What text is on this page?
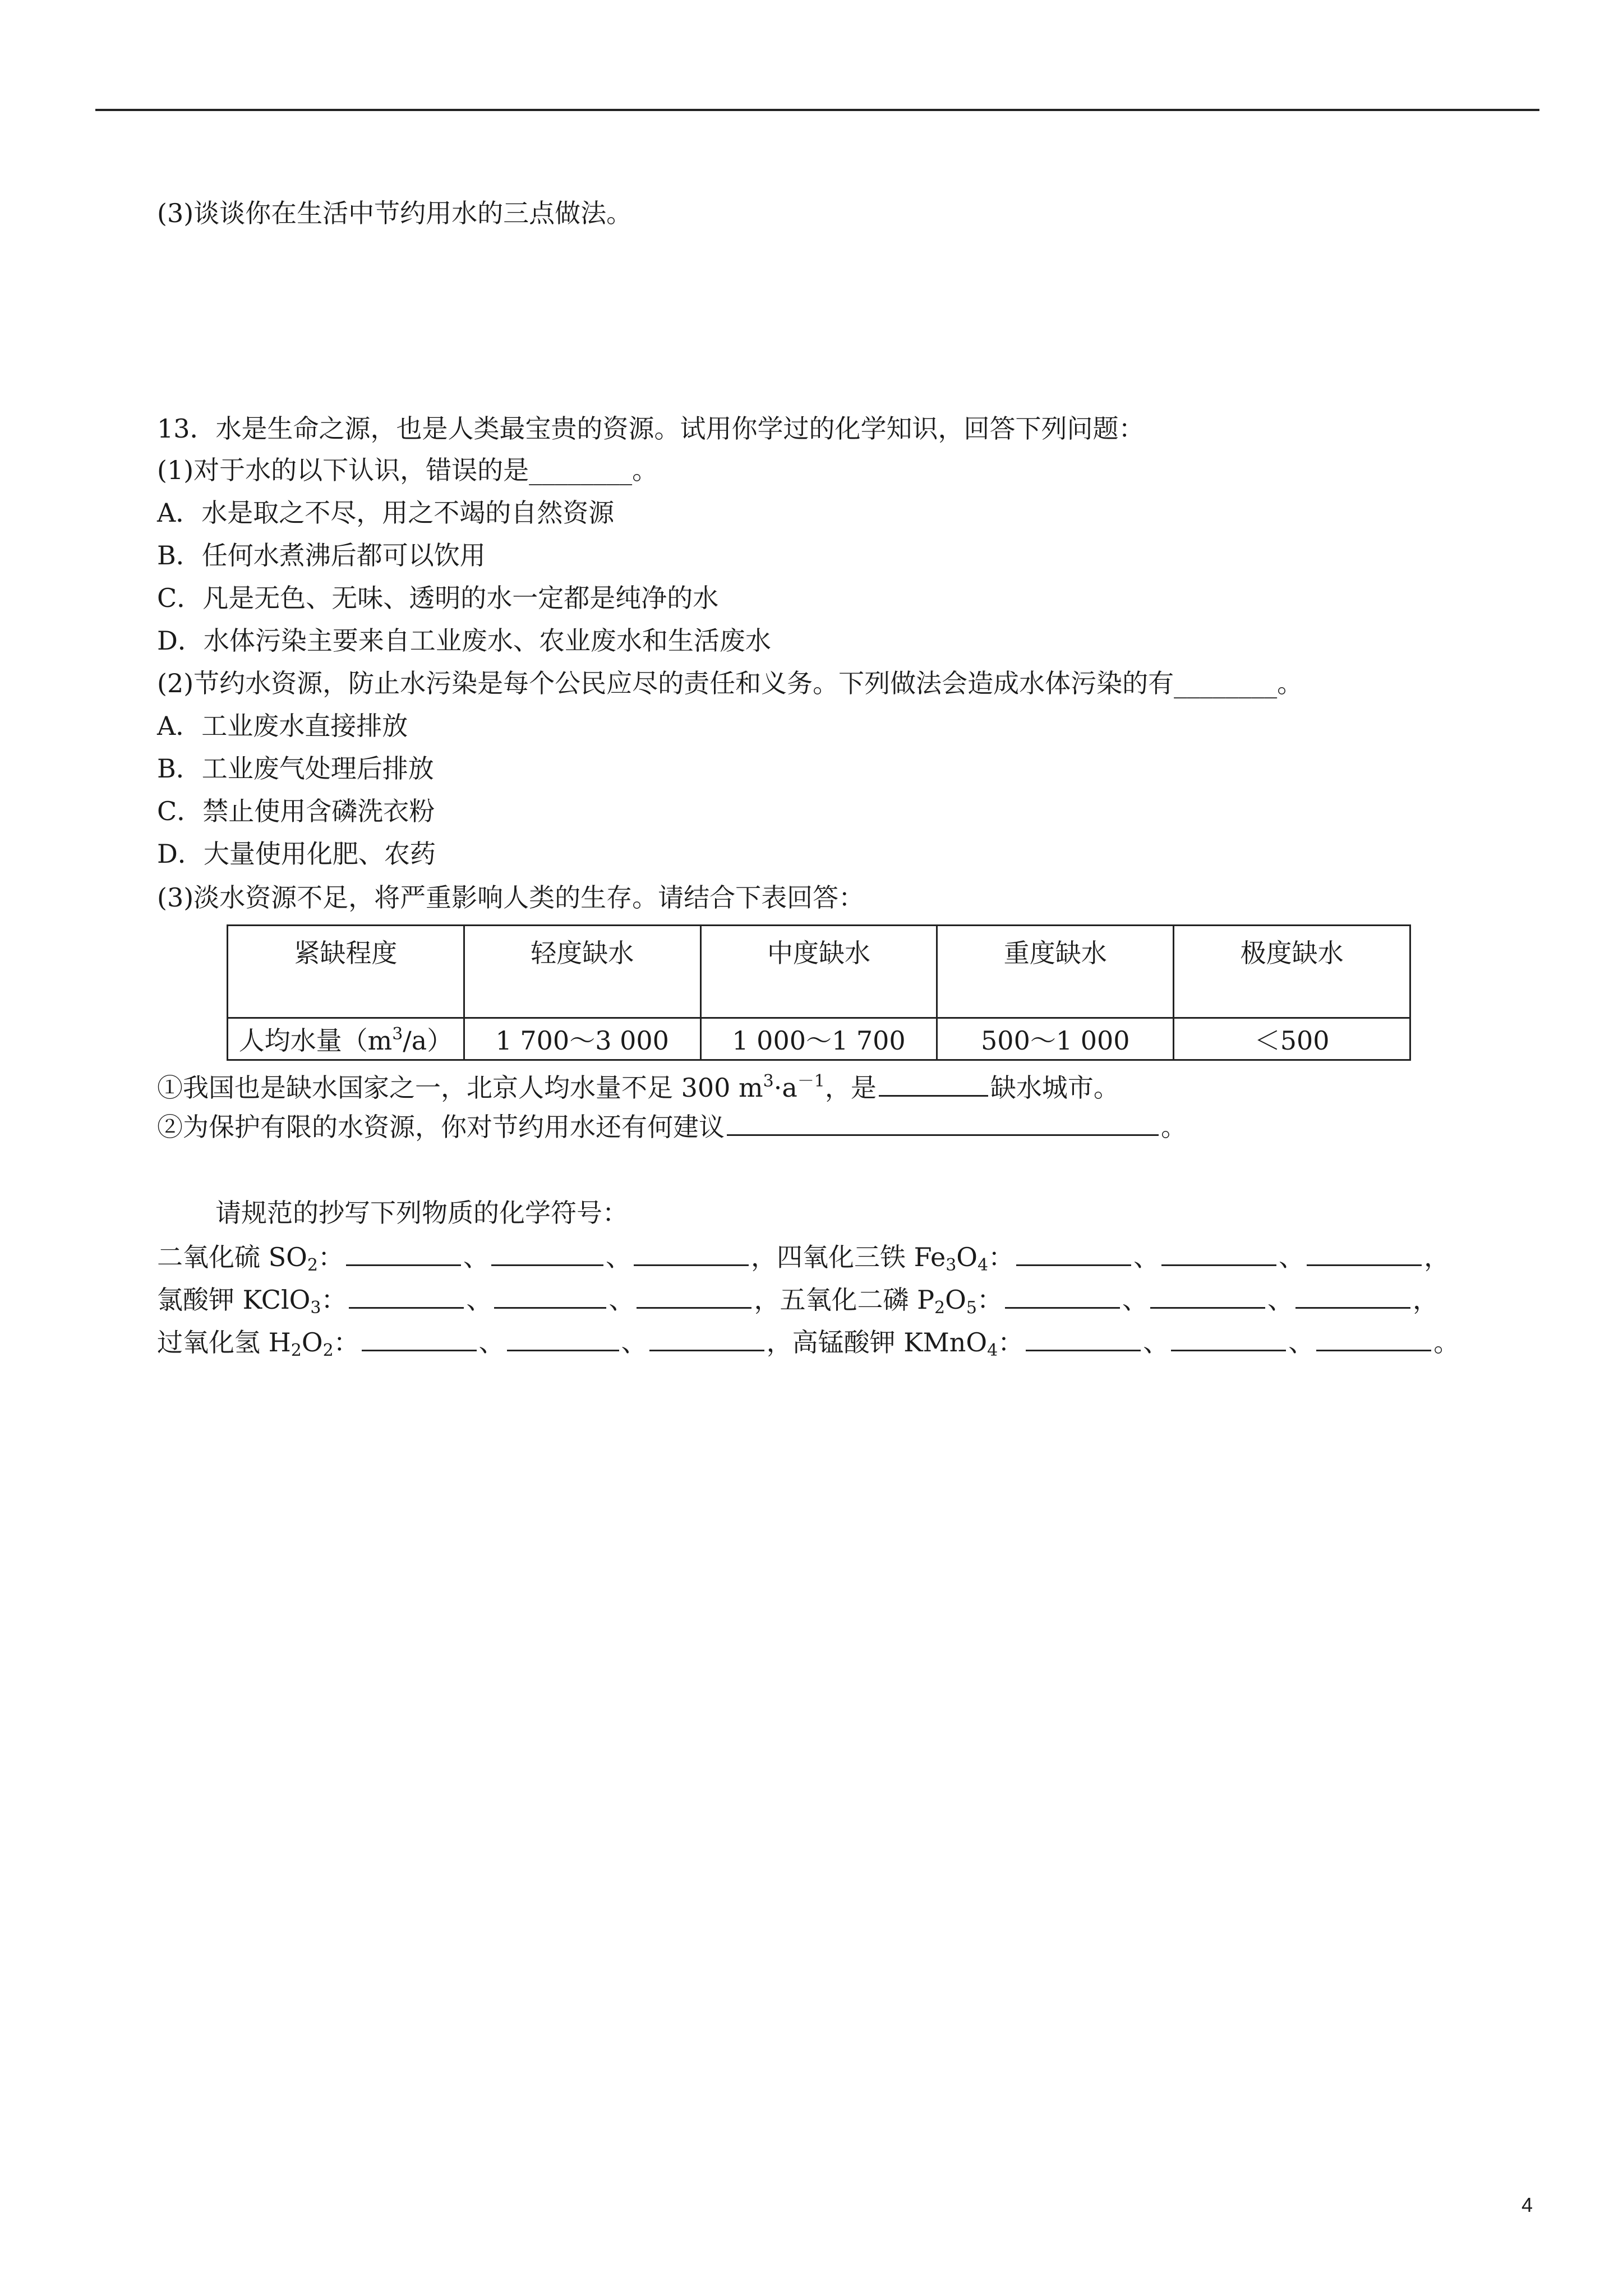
(3)谈谈你在生活中节约用水的三点做法。
13．水是生命之源，也是人类最宝贵的资源。试用你学过的化学知识，回答下列问题：
(1)对于水的以下认识，错误的是________。
A．水是取之不尽，用之不竭的自然资源
B．任何水煮沸后都可以饮用
C．凡是无色、无味、透明的水一定都是纯净的水
D．水体污染主要来自工业废水、农业废水和生活废水
(2)节约水资源，防止水污染是每个公民应尽的责任和义务。下列做法会造成水体污染的有________。
A．工业废水直接排放
B．工业废气处理后排放
C．禁止使用含磷洗衣粉
D．大量使用化肥、农药
(3)淡水资源不足，将严重影响人类的生存。请结合下表回答：
紧缺程度	轻度缺水	中度缺水	重度缺水	极度缺水
人均水量$(m^3/a)$	1 700～3 000	1 000～1 700	500～1 000	＜500
①我国也是缺水国家之一，北京人均水量不足 300 $m^3\cdot a^{-1}$，是	缺水城市。
②为保护有限的水资源，你对节约用水还有何建议	。
请规范的抄写下列物质的化学符号：
二氧化硫 $SO_2$：	、	、	，四氧化三铁 $Fe_3O_4$：	、	、	，
氯酸钾 KClO$_3$：	、	、	，五氧化二磷 $P_2O_5$：	、	、	，
过氧化氢 $H_2O_2$：	、	、	，高锰酸钾 KMnO$_4$：	、	、	。
4
